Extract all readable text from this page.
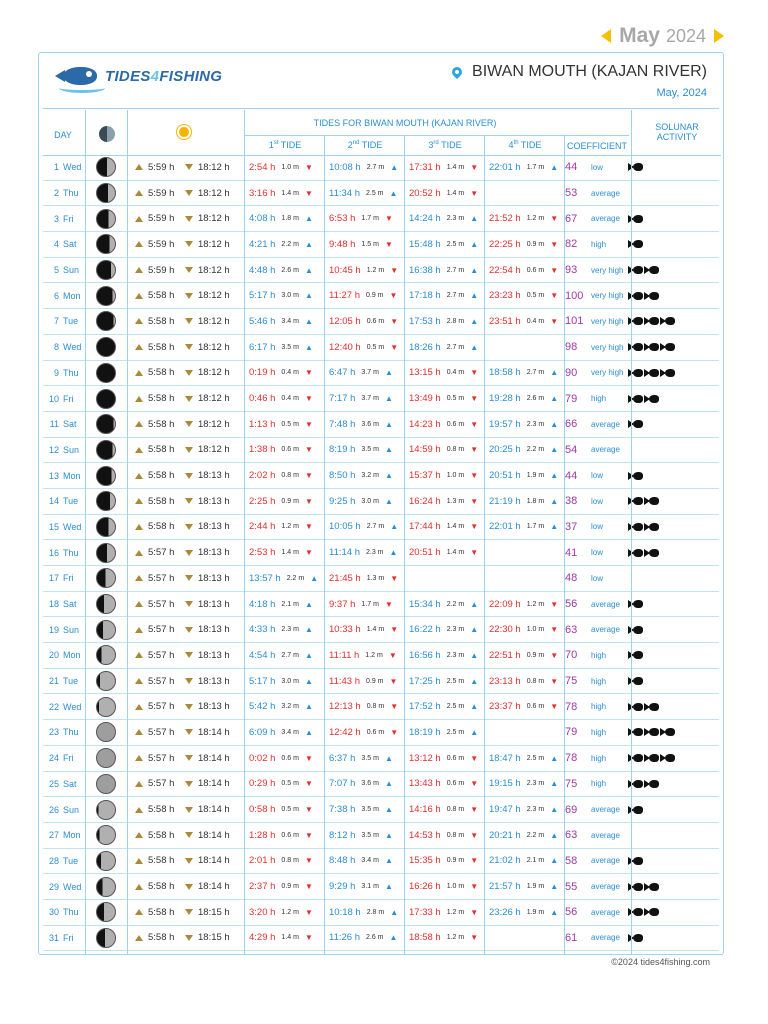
May 2024
TIDES4FISHING	BIWAN MOUTH (KAJAN RIVER)
May, 2024
DAY
TIDES FOR BIWAN MOUTH (KAJAN RIVER)
1st TIDE	2nd TIDE	3rd TIDE	4th TIDE	COEFFICIENT
SOLUNAR
ACTIVITY
1 Wed	5:59 h 18:12 h 2:54 h 1.0 m ▼ 10:08 h 2.7 m ▲ 17:31 h 1.4 m ▼ 22:01 h 1.7 m ▲ 44	low
2 Thu	5:59 h 18:12 h 3:16 h 1.4 m ▼ 11:34 h 2.5 m ▲ 20:52 h 1.4 m ▼	53	average
3 Fri	5:59 h 18:12 h 4:08 h 1.8 m ▲ 6:53 h 1.7 m ▼ 14:24 h 2.3 m ▲ 21:52 h 1.2 m ▼ 67	average
4 Sat	5:59 h 18:12 h 4:21 h 2.2 m ▲ 9:48 h 1.5 m ▼ 15:48 h 2.5 m ▲ 22:25 h 0.9 m ▼ 82	high
5 Sun	5:59 h 18:12 h 4:48 h 2.6 m ▲ 10:45 h 1.2 m ▼ 16:38 h 2.7 m ▲ 22:54 h 0.6 m ▼ 93	very high
6 Mon	5:58 h 18:12 h 5:17 h 3.0 m ▲ 11:27 h 0.9 m ▼ 17:18 h 2.7 m ▲ 23:23 h 0.5 m ▼ 100 very high
7 Tue	5:58 h 18:12 h 5:46 h 3.4 m ▲ 12:05 h 0.6 m ▼ 17:53 h 2.8 m ▲ 23:51 h 0.4 m ▼ 101 very high
8 Wed	5:58 h 18:12 h 6:17 h 3.5 m ▲ 12:40 h 0.5 m ▼ 18:26 h 2.7 m ▲	98	very high
9 Thu	5:58 h 18:12 h 0:19 h 0.4 m ▼ 6:47 h 3.7 m ▲ 13:15 h 0.4 m ▼ 18:58 h 2.7 m ▲ 90	very high
10 Fri	5:58 h 18:12 h 0:46 h 0.4 m ▼ 7:17 h 3.7 m ▲ 13:49 h 0.5 m ▼ 19:28 h 2.6 m ▲ 79	high
11 Sat	5:58 h 18:12 h 1:13 h 0.5 m ▼ 7:48 h 3.6 m ▲ 14:23 h 0.6 m ▼ 19:57 h 2.3 m ▲ 66	average
12 Sun	5:58 h 18:12 h 1:38 h 0.6 m ▼ 8:19 h 3.5 m ▲ 14:59 h 0.8 m ▼ 20:25 h 2.2 m ▲ 54	average
13 Mon	5:58 h 18:13 h 2:02 h 0.8 m ▼ 8:50 h 3.2 m ▲ 15:37 h 1.0 m ▼ 20:51 h 1.9 m ▲ 44	low
14 Tue	5:58 h 18:13 h 2:25 h 0.9 m ▼ 9:25 h 3.0 m ▲ 16:24 h 1.3 m ▼ 21:19 h 1.8 m ▲ 38	low
15 Wed	5:58 h 18:13 h 2:44 h 1.2 m ▼ 10:05 h 2.7 m ▲ 17:44 h 1.4 m ▼ 22:01 h 1.7 m ▲ 37	low
16 Thu	5:57 h 18:13 h 2:53 h 1.4 m ▼ 11:14 h 2.3 m ▲ 20:51 h 1.4 m ▼	41	low
17 Fri	5:57 h 18:13 h 13:57 h 2.2 m ▲ 21:45 h 1.3 m ▼	48	low
18 Sat	5:57 h 18:13 h 4:18 h 2.1 m ▲ 9:37 h 1.7 m ▼ 15:34 h 2.2 m ▲ 22:09 h 1.2 m ▼ 56	average
19 Sun	5:57 h 18:13 h 4:33 h 2.3 m ▲ 10:33 h 1.4 m ▼ 16:22 h 2.3 m ▲ 22:30 h 1.0 m ▼ 63	average
20 Mon	5:57 h 18:13 h 4:54 h 2.7 m ▲ 11:11 h 1.2 m ▼ 16:56 h 2.3 m ▲ 22:51 h 0.9 m ▼ 70	high
21 Tue	5:57 h 18:13 h 5:17 h 3.0 m ▲ 11:43 h 0.9 m ▼ 17:25 h 2.5 m ▲ 23:13 h 0.8 m ▼ 75	high
22 Wed	5:57 h 18:13 h 5:42 h 3.2 m ▲ 12:13 h 0.8 m ▼ 17:52 h 2.5 m ▲ 23:37 h 0.6 m ▼ 78	high
23 Thu	5:57 h 18:14 h 6:09 h 3.4 m ▲ 12:42 h 0.6 m ▼ 18:19 h 2.5 m ▲	79	high
24 Fri	5:57 h 18:14 h 0:02 h 0.6 m ▼ 6:37 h 3.5 m ▲ 13:12 h 0.6 m ▼ 18:47 h 2.5 m ▲ 78	high
25 Sat	5:57 h 18:14 h 0:29 h 0.5 m ▼ 7:07 h 3.6 m ▲ 13:43 h 0.6 m ▼ 19:15 h 2.3 m ▲ 75	high
26 Sun	5:58 h 18:14 h 0:58 h 0.5 m ▼ 7:38 h 3.5 m ▲ 14:16 h 0.8 m ▼ 19:47 h 2.3 m ▲ 69	average
27 Mon	5:58 h 18:14 h 1:28 h 0.6 m ▼ 8:12 h 3.5 m ▲ 14:53 h 0.8 m ▼ 20:21 h 2.2 m ▲ 63	average
28 Tue	5:58 h 18:14 h 2:01 h 0.8 m ▼ 8:48 h 3.4 m ▲ 15:35 h 0.9 m ▼ 21:02 h 2.1 m ▲ 58	average
29 Wed	5:58 h 18:14 h 2:37 h 0.9 m ▼ 9:29 h 3.1 m ▲ 16:26 h 1.0 m ▼ 21:57 h 1.9 m ▲ 55	average
30 Thu	5:58 h 18:15 h 3:20 h 1.2 m ▼ 10:18 h 2.8 m ▲ 17:33 h 1.2 m ▼ 23:26 h 1.9 m ▲ 56	average
31 Fri	5:58 h 18:15 h 4:29 h 1.4 m ▼ 11:26 h 2.6 m ▲ 18:58 h 1.2 m ▼	61	average
©2024 tides4fishing.com
